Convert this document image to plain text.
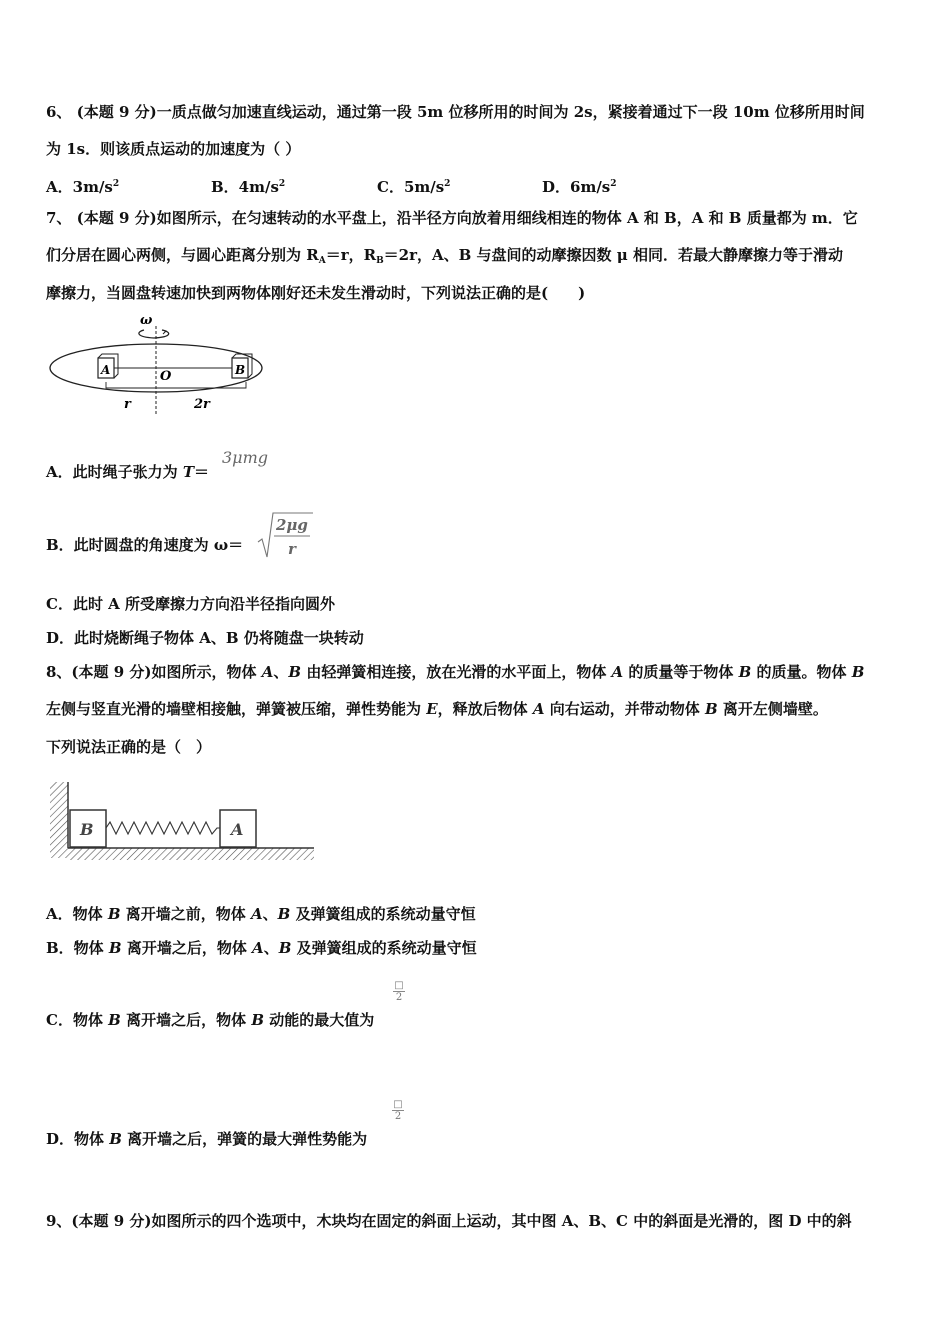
6、 (本题 9 分)一质点做匀加速直线运动，通过第一段 5m 位移所用的时间为 2s，紧接着通过下一段 10m 位移所用时间
为 1s．则该质点运动的加速度为（ ）
A．$3m/s^2$	B．$4m/s^2$	C．$5m/s^2$	D．$6m/s^2$
7、 (本题 9 分)如图所示，在匀速转动的水平盘上，沿半径方向放着用细线相连的物体 A 和 B，A 和 B 质量都为 m．它
们分居在圆心两侧，与圆心距离分别为 $R_A=r$，$R_B=2r$，A、B 与盘间的动摩擦因数 μ 相同．若最大静摩擦力等于滑动
摩擦力，当圆盘转速加快到两物体刚好还未发生滑动时，下列说法正确的是(　　)
ω
A	B
O
r	2r
A．此时绳子张力为 T＝
3μmg
B．此时圆盘的角速度为 ω＝
2μg
r
C．此时 A 所受摩擦力方向沿半径指向圆外
D．此时烧断绳子物体 A、B 仍将随盘一块转动
8、(本题 9 分)如图所示，物体 A、B 由轻弹簧相连接，放在光滑的水平面上，物体 A 的质量等于物体 B 的质量。物体 B
左侧与竖直光滑的墙壁相接触，弹簧被压缩，弹性势能为 E，释放后物体 A 向右运动，并带动物体 B 离开左侧墙壁。
下列说法正确的是（　）
B	A
A．物体 B 离开墙之前，物体 A、B 及弹簧组成的系统动量守恒
B．物体 B 离开墙之后，物体 A、B 及弹簧组成的系统动量守恒
C．物体 B 离开墙之后，物体 B 动能的最大值为
□
2
D．物体 B 离开墙之后，弹簧的最大弹性势能为
□
2
9、(本题 9 分)如图所示的四个选项中，木块均在固定的斜面上运动，其中图 A、B、C 中的斜面是光滑的，图 D 中的斜
